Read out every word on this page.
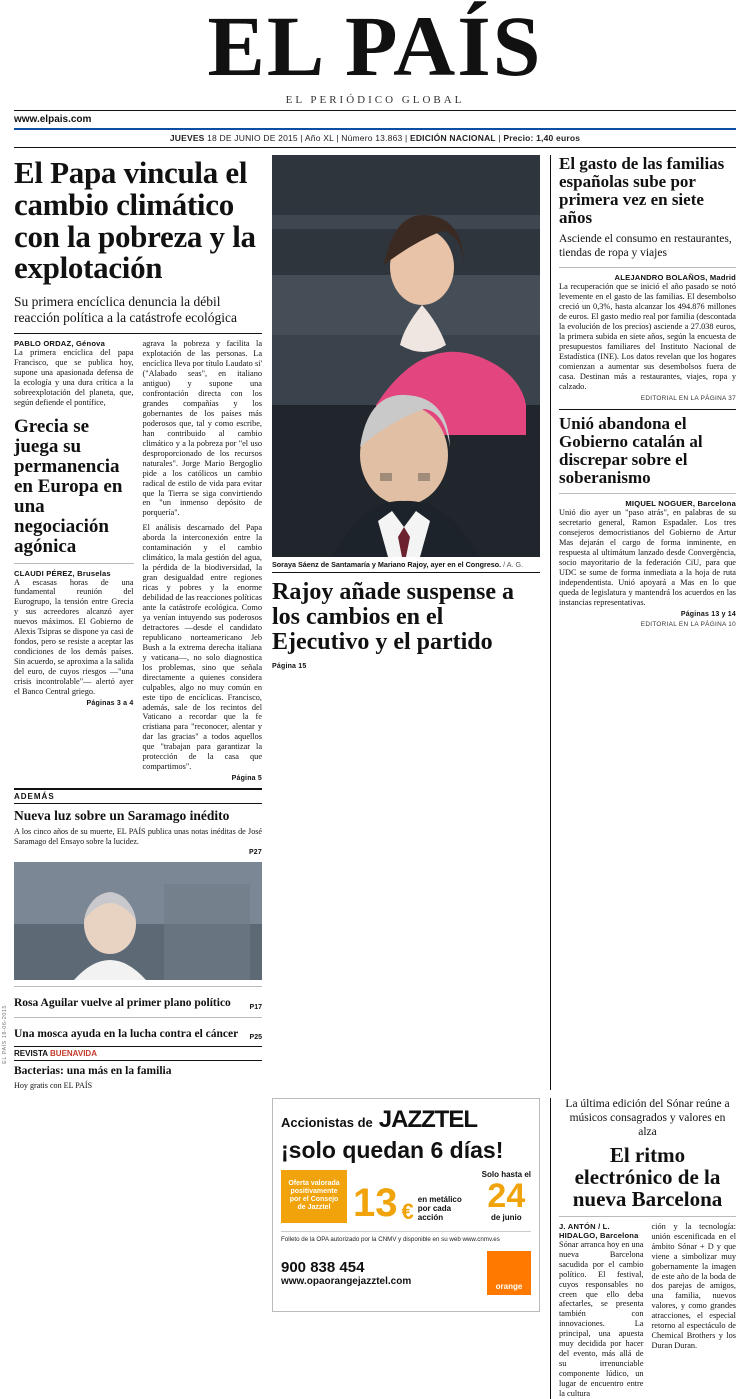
EL PAÍS
EL PERIÓDICO GLOBAL
www.elpais.com
JUEVES 18 DE JUNIO DE 2015 | Año XL | Número 13.863 | EDICIÓN NACIONAL | Precio: 1,40 euros
El Papa vincula el cambio climático con la pobreza y la explotación
Su primera encíclica denuncia la débil reacción política a la catástrofe ecológica
PABLO ORDAZ, Génova
La primera encíclica del papa Francisco, que se publica hoy, supone una apasionada defensa de la ecología y una dura crítica a la sobreexplotación del planeta, que, según defiende el pontífice,
Grecia se juega su permanencia en Europa en una negociación agónica
CLAUDI PÉREZ, Bruselas
A escasas horas de una fundamental reunión del Eurogrupo, la tensión entre Grecia y sus acreedores alcanzó ayer nuevos máximos. El Gobierno de Alexis Tsipras se dispone ya casi de fondos, pero se resiste a aceptar las condiciones de los demás países. Sin acuerdo, se aproxima a la salida del euro, de cuyos riesgos —"una crisis incontrolable"— alertó ayer el Banco Central griego.
Páginas 3 a 4
agrava la pobreza y facilita la explotación de las personas. La encíclica lleva por título Laudato si' ("Alabado seas", en italiano antiguo) y supone una confrontación directa con los grandes compañías y los gobernantes de los países más poderosos que, tal y como escribe, han contribuido al cambio climático y a la pobreza por "el uso desproporcionado de los recursos naturales". Jorge Mario Bergoglio pide a los católicos un cambio radical de estilo de vida para evitar que la Tierra se siga convirtiendo en "un inmenso depósito de porquería".
El análisis descarnado del Papa aborda la interconexión entre la contaminación y el cambio climático, la mala gestión del agua, la pérdida de la biodiversidad, la gran desigualdad entre regiones ricas y pobres y la enorme debilidad de las reacciones políticas ante la catástrofe ecológica. Como ya venían intuyendo sus poderosos detractores —desde el candidato republicano norteamericano Jeb Bush a la extrema derecha italiana y vaticana—, no solo diagnostica los problemas, sino que señala directamente a quienes considera culpables, algo no muy común en este tipo de encíclicas. Francisco, además, sale de los recintos del Vaticano a recordar que la fe cristiana para "reconocer, alentar y dar las gracias" a todos aquellos que "trabajan para garantizar la protección de la casa que compartimos".
Página 5
ADEMÁS
Nueva luz sobre un Saramago inédito
A los cinco años de su muerte, EL PAÍS publica unas notas inéditas de José Saramago del Ensayo sobre la lucidez.
P27
Rosa Aguilar vuelve al primer plano político	P17
Una mosca ayuda en la lucha contra el cáncer P25
REVISTA BUENAVIDA
Bacterias: una más en la familia
Hoy gratis con EL PAÍS
Soraya Sáenz de Santamaría y Mariano Rajoy, ayer en el Congreso. / A. G.
Rajoy añade suspense a los cambios en el Ejecutivo y el partido
Página 15
El gasto de las familias españolas sube por primera vez en siete años
Asciende el consumo en restaurantes, tiendas de ropa y viajes
ALEJANDRO BOLAÑOS, Madrid
La recuperación que se inició el año pasado se notó levemente en el gasto de las familias. El desembolso creció un 0,3%, hasta alcanzar los 494.876 millones de euros. El gasto medio real por familia (descontada la evolución de los precios) asciende a 27.038 euros, la primera subida en siete años, según la encuesta de presupuestos familiares del Instituto Nacional de Estadística (INE). Los datos revelan que los hogares comienzan a aumentar sus desembolsos fuera de casa. Destinan más a restaurantes, viajes, ropa y calzado.
EDITORIAL EN LA PÁGINA 37
Unió abandona el Gobierno catalán al discrepar sobre el soberanismo
MIQUEL NOGUER, Barcelona
Unió dio ayer un "paso atrás", en palabras de su secretario general, Ramon Espadaler. Los tres consejeros democristianos del Gobierno de Artur Mas dejarán el cargo de forma inminente, en respuesta al ultimátum lanzado desde Convergència, socio mayoritario de la federación CiU, para que UDC se sume de forma inmediata a la hoja de ruta independentista. Unió apoyará a Mas en lo que queda de legislatura y mantendrá los acuerdos en las instancias representativas.
Páginas 13 y 14
EDITORIAL EN LA PÁGINA 10
Accionistas de JAZZTEL
¡solo quedan 6 días!
Oferta valorada positivamente por el Consejo de Jazztel 13 € en metálico
por cada
acción
Solo hasta el
24
de junio
Folleto de la OPA autorizado por la CNMV y disponible en su web www.cnmv.es
900 838 454
www.opaorangejazztel.com	orange
La última edición del Sónar reúne a músicos consagrados y valores en alza
El ritmo electrónico de la nueva Barcelona
J. ANTÓN / L. HIDALGO, Barcelona
Sónar arranca hoy en una nueva Barcelona sacudida por el cambio político. El festival, cuyos responsables no creen que ello deba afectarles, se presenta también con innovaciones. La principal, una apuesta muy decidida por hacer del evento, más allá de su irrenunciable componente lúdico, un lugar de encuentro entre la cultura
ción y la tecnología: unión escenificada en el ámbito Sónar + D y que viene a simbolizar muy gobernamente la imagen de este año de la boda de dos parejas de amigos, una familia, nuevos valores, y como grandes atracciones, el especial retorno al espectáculo de Chemical Brothers y los Duran Duran.
EL PAÍS 18-06-2015
